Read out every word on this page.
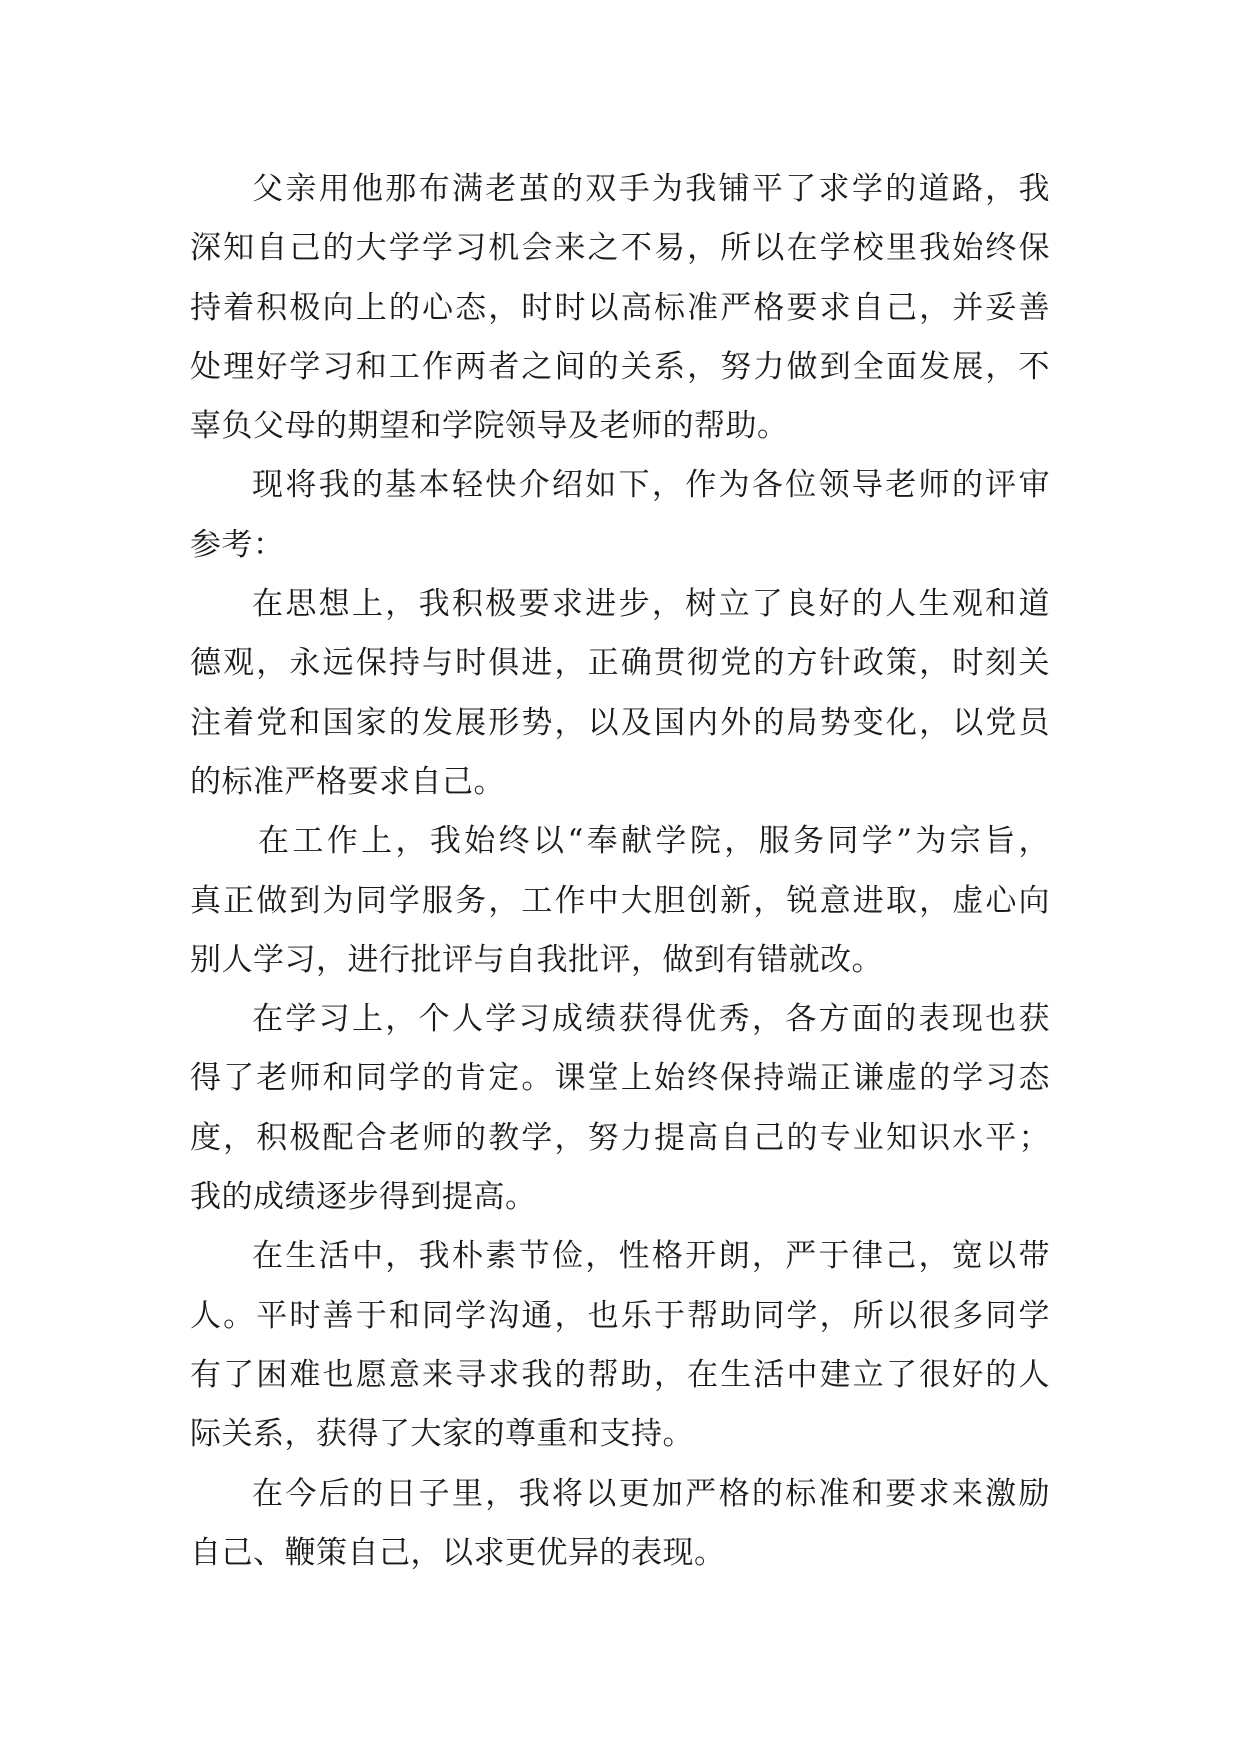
父亲用他那布满老茧的双手为我铺平了求学的道路，我
深知自己的大学学习机会来之不易，所以在学校里我始终保
持着积极向上的心态，时时以高标准严格要求自己，并妥善
处理好学习和工作两者之间的关系，努力做到全面发展，不
辜负父母的期望和学院领导及老师的帮助。
现将我的基本轻快介绍如下，作为各位领导老师的评审
参考：
在思想上，我积极要求进步，树立了良好的人生观和道
德观，永远保持与时俱进，正确贯彻党的方针政策，时刻关
注着党和国家的发展形势，以及国内外的局势变化，以党员
的标准严格要求自己。
在工作上，我始终以“奉献学院，服务同学”为宗旨，
真正做到为同学服务，工作中大胆创新，锐意进取，虚心向
别人学习，进行批评与自我批评，做到有错就改。
在学习上，个人学习成绩获得优秀，各方面的表现也获
得了老师和同学的肯定。课堂上始终保持端正谦虚的学习态
度，积极配合老师的教学，努力提高自己的专业知识水平；
我的成绩逐步得到提高。
在生活中，我朴素节俭，性格开朗，严于律己，宽以带
人。平时善于和同学沟通，也乐于帮助同学，所以很多同学
有了困难也愿意来寻求我的帮助，在生活中建立了很好的人
际关系，获得了大家的尊重和支持。
在今后的日子里，我将以更加严格的标准和要求来激励
自己、鞭策自己，以求更优异的表现。
